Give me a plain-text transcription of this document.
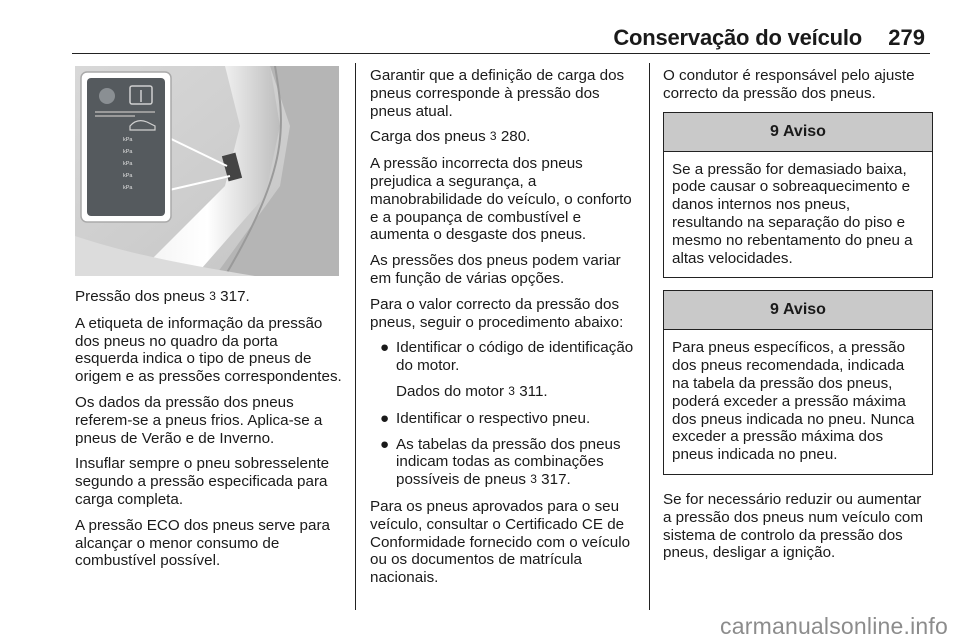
Conservação do veículo 279
kPa
kPa
kPa
kPa
kPa

Pressão dos pneus 3 317.

A etiqueta de informação da pressão dos pneus no quadro da porta esquerda indica o tipo de pneus de origem e as pressões correspondentes.

Os dados da pressão dos pneus referem-se a pneus frios. Aplica-se a pneus de Verão e de Inverno.

Insuflar sempre o pneu sobresselente segundo a pressão especificada para carga completa.

A pressão ECO dos pneus serve para alcançar o menor consumo de combustível possível.

Garantir que a definição de carga dos pneus corresponde à pressão dos pneus atual.

Carga dos pneus 3 280.

A pressão incorrecta dos pneus prejudica a segurança, a manobrabilidade do veículo, o conforto e a poupança de combustível e aumenta o desgaste dos pneus.

As pressões dos pneus podem variar em função de várias opções.

Para o valor correcto da pressão dos pneus, seguir o procedimento abaixo:

● Identificar o código de identificação do motor.

Dados do motor 3 311.

● Identificar o respectivo pneu.
● As tabelas da pressão dos pneus indicam todas as combinações possíveis de pneus 3 317.

Para os pneus aprovados para o seu veículo, consultar o Certificado CE de Conformidade fornecido com o veículo ou os documentos de matrícula nacionais.

O condutor é responsável pelo ajuste correcto da pressão dos pneus.

9 Aviso
Se a pressão for demasiado baixa, pode causar o sobreaquecimento e danos internos nos pneus, resultando na separação do piso e mesmo no rebentamento do pneu a altas velocidades.
9 Aviso
Para pneus específicos, a pressão dos pneus recomendada, indicada na tabela da pressão dos pneus, poderá exceder a pressão máxima dos pneus indicada no pneu. Nunca exceder a pressão máxima dos pneus indicada no pneu.

Se for necessário reduzir ou aumentar a pressão dos pneus num veículo com sistema de controlo da pressão dos pneus, desligar a ignição.

carmanualsonline.info
